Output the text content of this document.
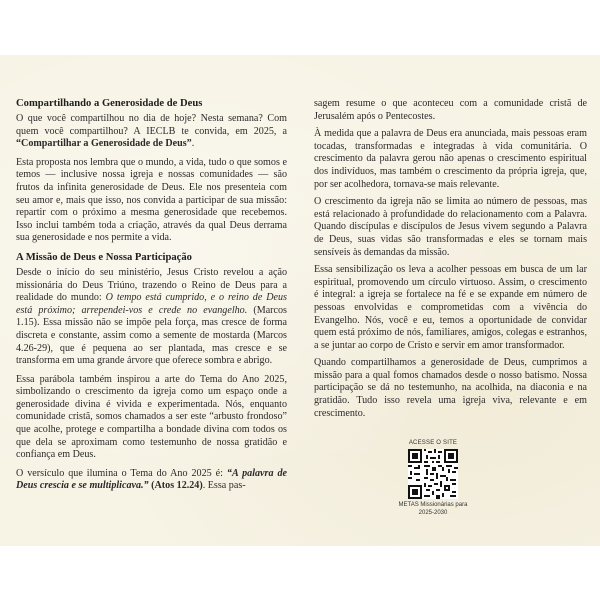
Compartilhando a Generosidade de Deus

O que você compartilhou no dia de hoje? Nesta semana? Com quem você compartilhou? A IECLB te convida, em 2025, a “Compartilhar a Generosidade de Deus”.

Esta proposta nos lembra que o mundo, a vida, tudo o que somos e temos — inclusive nossa igreja e nossas comunidades — são frutos da infinita generosidade de Deus. Ele nos presenteia com seu amor e, mais que isso, nos convida a participar de sua missão: repartir com o próximo a mesma generosidade que recebemos. Isso inclui também toda a criação, através da qual Deus derrama sua generosidade e nos permite a vida.

A Missão de Deus e Nossa Participação

Desde o início do seu ministério, Jesus Cristo revelou a ação missionária do Deus Triúno, trazendo o Reino de Deus para a realidade do mundo: O tempo está cumprido, e o reino de Deus está próximo; arrependei-vos e crede no evangelho. (Marcos 1.15). Essa missão não se impõe pela força, mas cresce de forma discreta e constante, assim como a semente de mostarda (Marcos 4.26-29), que é pequena ao ser plantada, mas cresce e se transforma em uma grande árvore que oferece sombra e abrigo.

Essa parábola também inspirou a arte do Tema do Ano 2025, simbolizando o crescimento da igreja como um espaço onde a generosidade divina é vivida e experimentada. Nós, enquanto comunidade cristã, somos chamados a ser este “arbusto frondoso” que acolhe, protege e compartilha a bondade divina com todos os que dela se aproximam como testemunho de nossa gratidão e confiança em Deus.

O versículo que ilumina o Tema do Ano 2025 é: “A palavra de Deus crescia e se multiplicava.” (Atos 12.24). Essa pas-

sagem resume o que aconteceu com a comunidade cristã de Jerusalém após o Pentecostes.

À medida que a palavra de Deus era anunciada, mais pessoas eram tocadas, transformadas e integradas à vida comunitária. O crescimento da palavra gerou não apenas o crescimento espiritual dos indivíduos, mas também o crescimento da própria igreja, que, por ser acolhedora, tornava-se mais relevante.

O crescimento da igreja não se limita ao número de pessoas, mas está relacionado à profundidade do relacionamento com a Palavra. Quando discípulas e discípulos de Jesus vivem segundo a Palavra de Deus, suas vidas são transformadas e eles se tornam mais sensíveis às demandas da missão.

Essa sensibilização os leva a acolher pessoas em busca de um lar espiritual, promovendo um círculo virtuoso. Assim, o crescimento é integral: a igreja se fortalece na fé e se expande em número de pessoas envolvidas e comprometidas com a vivência do Evangelho. Nós, você e eu, temos a oportunidade de convidar quem está próximo de nós, familiares, amigos, colegas e estranhos, a se juntar ao corpo de Cristo e servir em amor transformador.

Quando compartilhamos a generosidade de Deus, cumprimos a missão para a qual fomos chamados desde o nosso batismo. Nossa participação se dá no testemunho, na acolhida, na diaconia e na gratidão. Tudo isso revela uma igreja viva, relevante e em crescimento.

ACESSE O SITE
METAS Missionárias para
2025-2030
